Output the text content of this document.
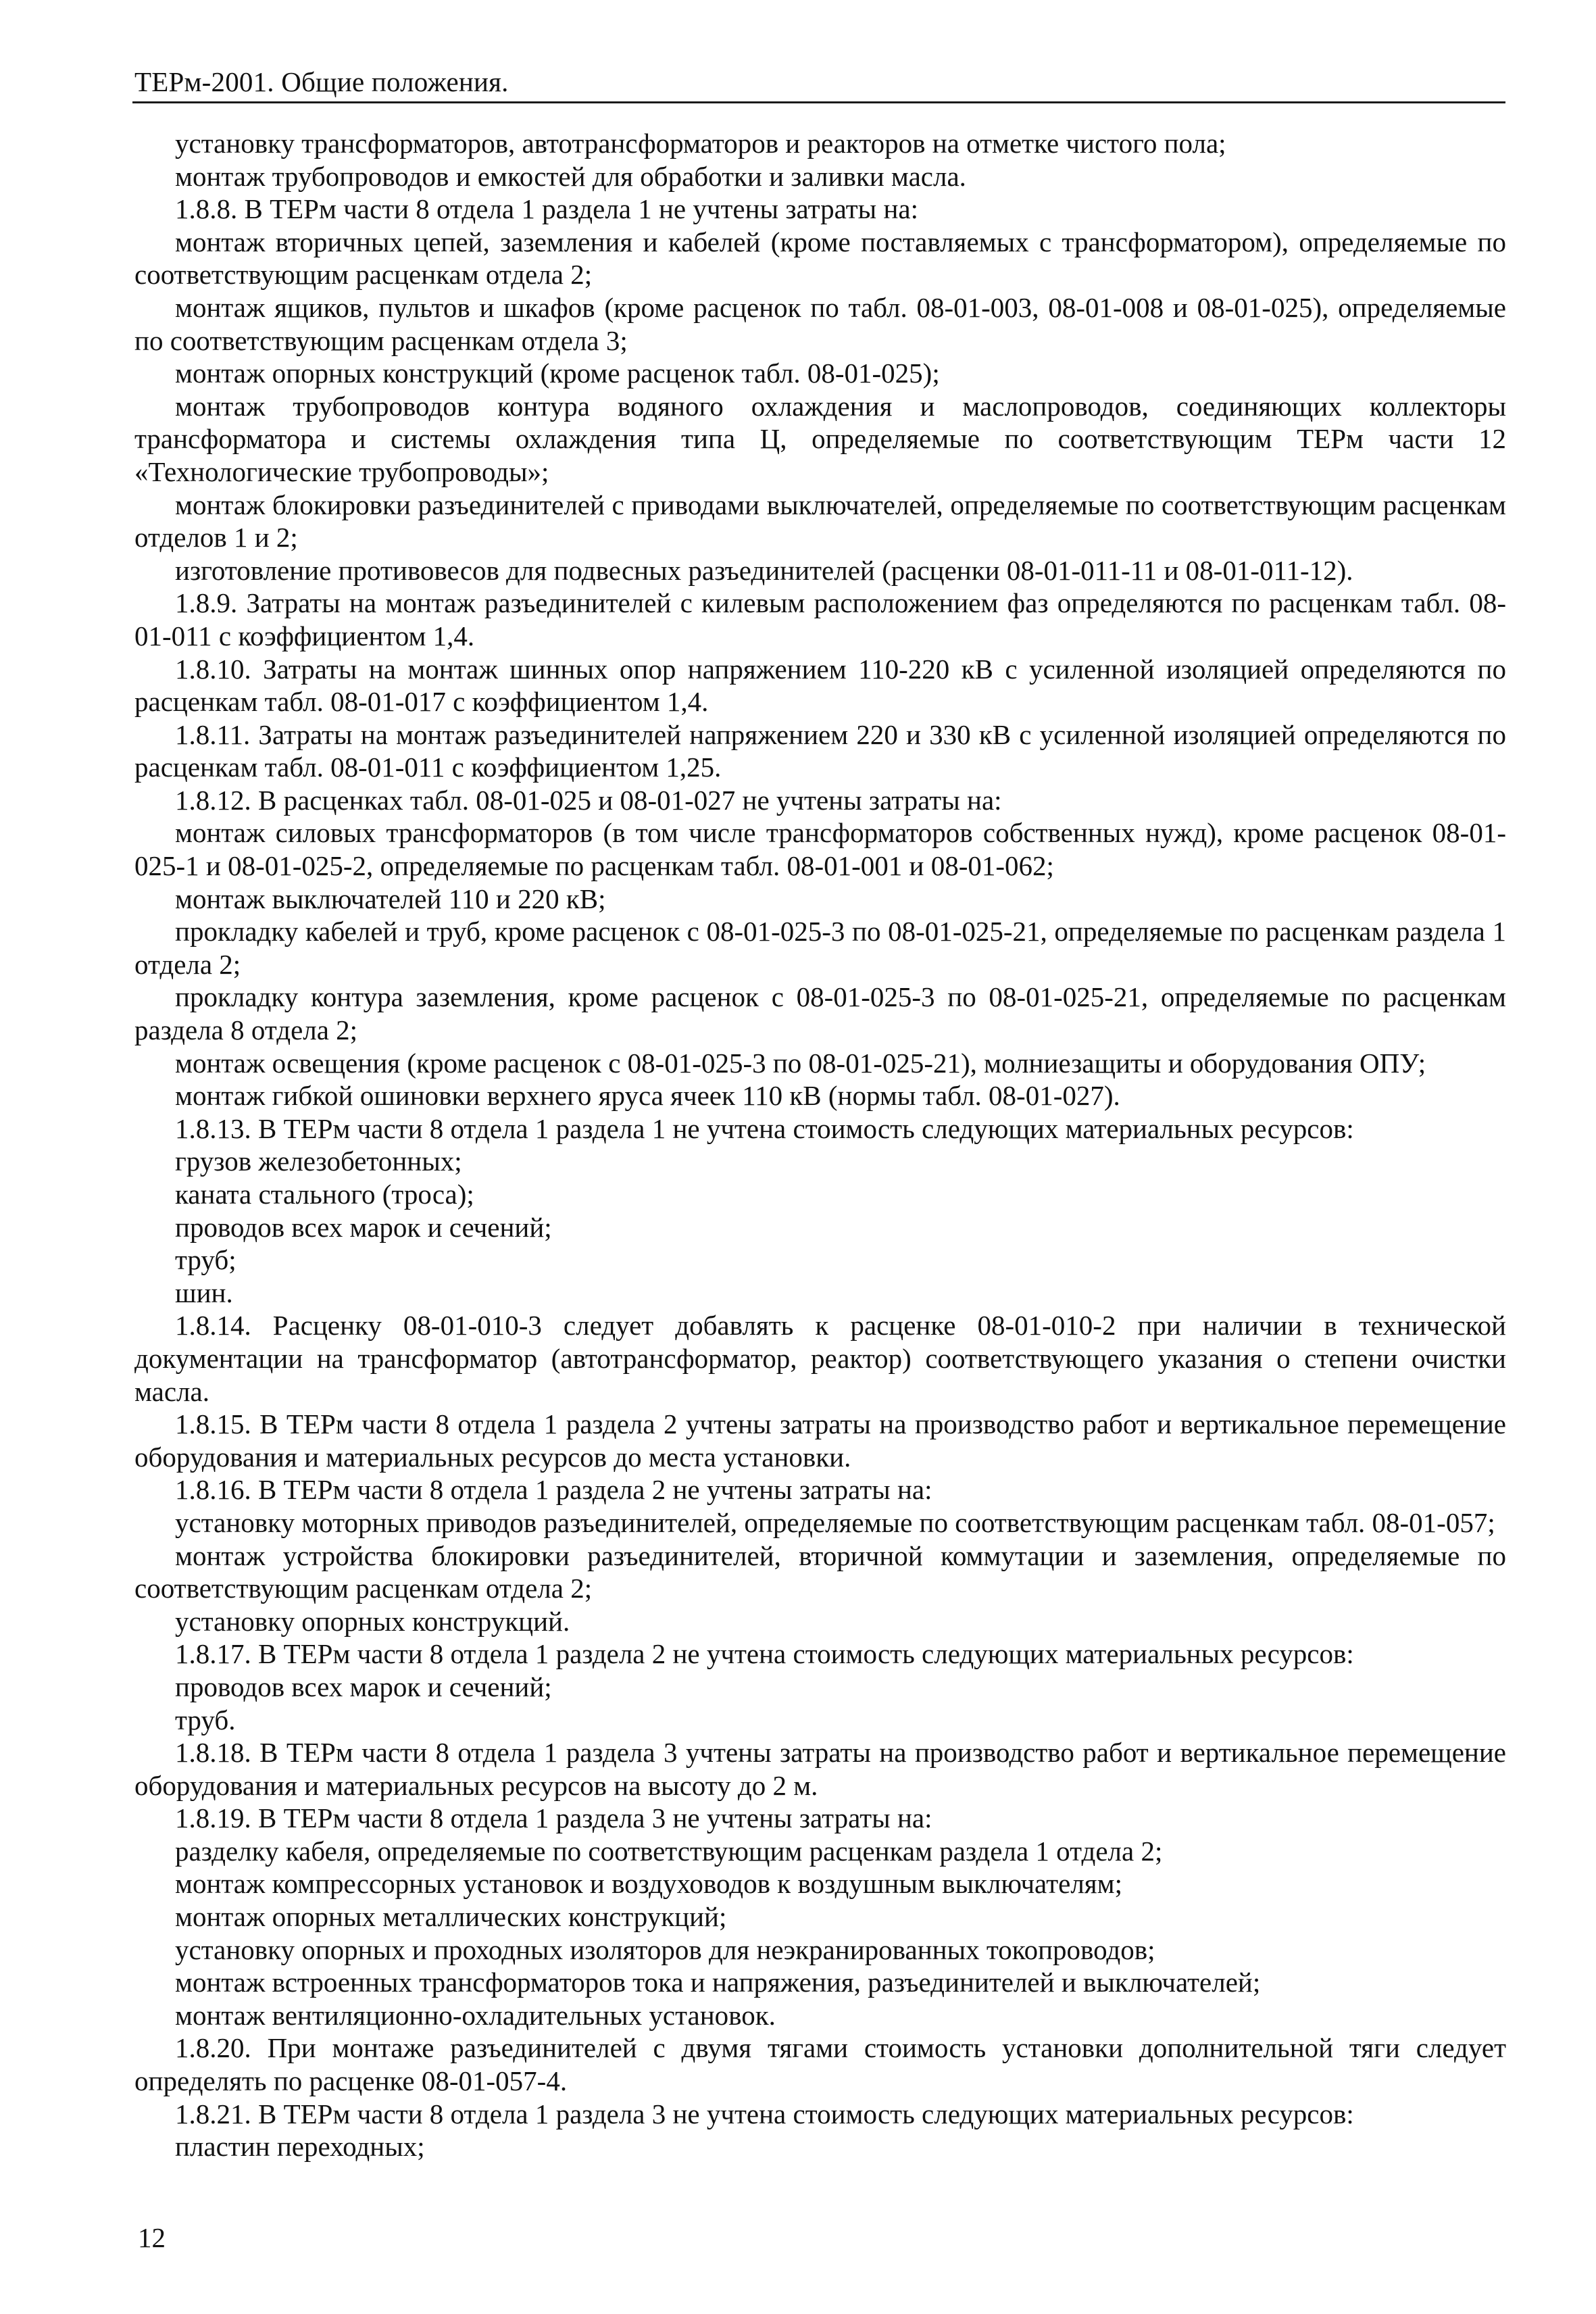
ТЕРм-2001. Общие положения.

установку трансформаторов, автотрансформаторов и реакторов на отметке чистого пола;

монтаж трубопроводов и емкостей для обработки и заливки масла.

1.8.8. В ТЕРм части 8 отдела 1 раздела 1 не учтены затраты на:

монтаж вторичных цепей, заземления и кабелей (кроме поставляемых с трансформатором), определяемые по соответствующим расценкам отдела 2;

монтаж ящиков, пультов и шкафов (кроме расценок по табл. 08-01-003, 08-01-008 и 08-01-025), определяемые по соответствующим расценкам отдела 3;

монтаж опорных конструкций (кроме расценок табл. 08-01-025);

монтаж трубопроводов контура водяного охлаждения и маслопроводов, соединяющих коллекторы трансформатора и системы охлаждения типа Ц, определяемые по соответствующим ТЕРм части 12 «Технологические трубопроводы»;

монтаж блокировки разъединителей с приводами выключателей, определяемые по соответствующим расценкам отделов 1 и 2;

изготовление противовесов для подвесных разъединителей (расценки 08-01-011-11 и 08-01-011-12).

1.8.9. Затраты на монтаж разъединителей с килевым расположением фаз определяются по расценкам табл. 08-01-011 с коэффициентом 1,4.

1.8.10. Затраты на монтаж шинных опор напряжением 110-220 кВ с усиленной изоляцией определяются по расценкам табл. 08-01-017 с коэффициентом 1,4.

1.8.11. Затраты на монтаж разъединителей напряжением 220 и 330 кВ с усиленной изоляцией определяются по расценкам табл. 08-01-011 с коэффициентом 1,25.

1.8.12. В расценках табл. 08-01-025 и 08-01-027 не учтены затраты на:

монтаж силовых трансформаторов (в том числе трансформаторов собственных нужд), кроме расценок 08-01-025-1 и 08-01-025-2, определяемые по расценкам табл. 08-01-001 и 08-01-062;

монтаж выключателей 110 и 220 кВ;

прокладку кабелей и труб, кроме расценок с 08-01-025-3 по 08-01-025-21, определяемые по расценкам раздела 1 отдела 2;

прокладку контура заземления, кроме расценок с 08-01-025-3 по 08-01-025-21, определяемые по расценкам раздела 8 отдела 2;

монтаж освещения (кроме расценок с 08-01-025-3 по 08-01-025-21), молниезащиты и оборудования ОПУ;

монтаж гибкой ошиновки верхнего яруса ячеек 110 кВ (нормы табл. 08-01-027).

1.8.13. В ТЕРм части 8 отдела 1 раздела 1 не учтена стоимость следующих материальных ресурсов:

грузов железобетонных;

каната стального (троса);

проводов всех марок и сечений;

труб;

шин.

1.8.14. Расценку 08-01-010-3 следует добавлять к расценке 08-01-010-2 при наличии в технической документации на трансформатор (автотрансформатор, реактор) соответствующего указания о степени очистки масла.

1.8.15. В ТЕРм части 8 отдела 1 раздела 2 учтены затраты на производство работ и вертикальное перемещение оборудования и материальных ресурсов до места установки.

1.8.16. В ТЕРм части 8 отдела 1 раздела 2 не учтены затраты на:

установку моторных приводов разъединителей, определяемые по соответствующим расценкам табл. 08-01-057;

монтаж устройства блокировки разъединителей, вторичной коммутации и заземления, определяемые по соответствующим расценкам отдела 2;

установку опорных конструкций.

1.8.17. В ТЕРм части 8 отдела 1 раздела 2 не учтена стоимость следующих материальных ресурсов:

проводов всех марок и сечений;

труб.

1.8.18. В ТЕРм части 8 отдела 1 раздела 3 учтены затраты на производство работ и вертикальное перемещение оборудования и материальных ресурсов на высоту до 2 м.

1.8.19. В ТЕРм части 8 отдела 1 раздела 3 не учтены затраты на:

разделку кабеля, определяемые по соответствующим расценкам раздела 1 отдела 2;

монтаж компрессорных установок и воздуховодов к воздушным выключателям;

монтаж опорных металлических конструкций;

установку опорных и проходных изоляторов для неэкранированных токопроводов;

монтаж встроенных трансформаторов тока и напряжения, разъединителей и выключателей;

монтаж вентиляционно-охладительных установок.

1.8.20. При монтаже разъединителей с двумя тягами стоимость установки дополнительной тяги следует определять по расценке 08-01-057-4.

1.8.21. В ТЕРм части 8 отдела 1 раздела 3 не учтена стоимость следующих материальных ресурсов:

пластин переходных;

12
